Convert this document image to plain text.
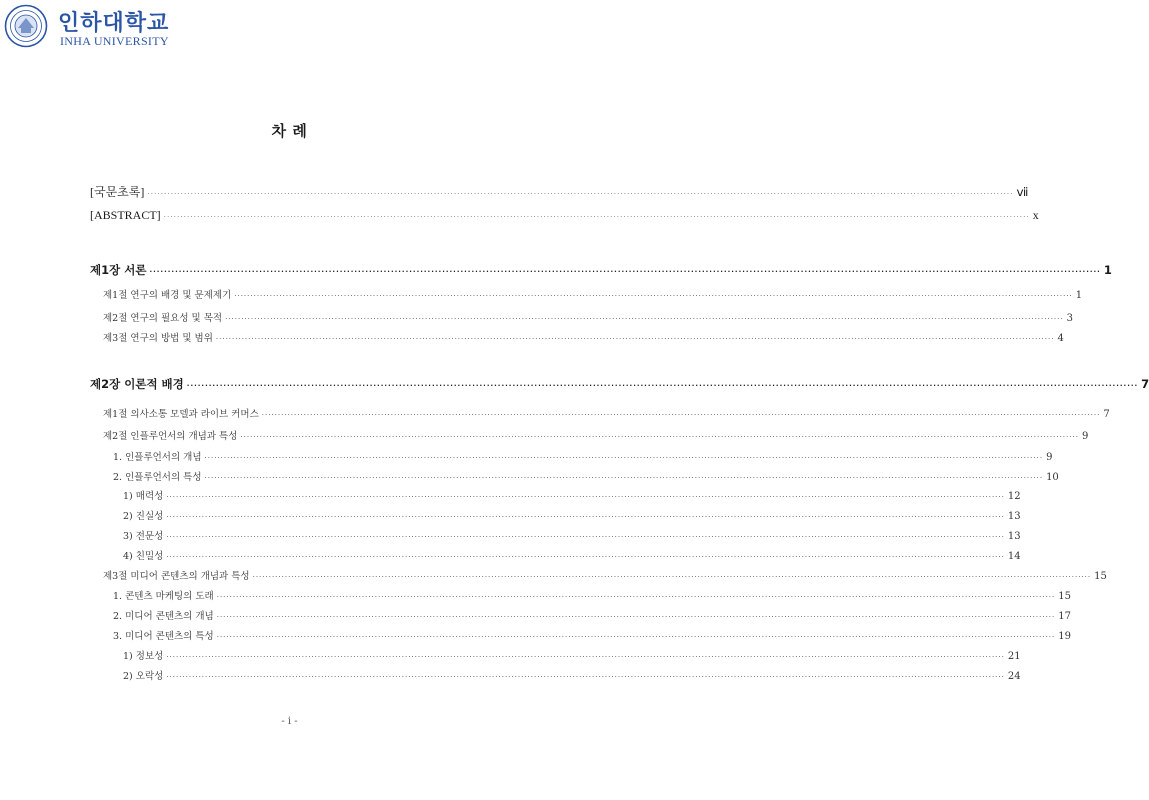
인하대학교
INHA UNIVERSITY
차 례
[국문초록] ···································································································································································································································································· ⅶ
[ABSTRACT] ···································································································································································································································································· x
제1장 서론 ···································································································································································································································································· 1
제1절 연구의 배경 및 문제제기 ···································································································································································································································································· 1
제2절 연구의 필요성 및 목적 ···································································································································································································································································· 3
제3절 연구의 방법 및 범위 ···································································································································································································································································· 4
제2장 이론적 배경 ···································································································································································································································································· 7
제1절 의사소통 모델과 라이브 커머스 ···································································································································································································································································· 7
제2절 인플루언서의 개념과 특성 ···································································································································································································································································· 9
1. 인플루언서의 개념 ···································································································································································································································································· 9
2. 인플루언서의 특성 ···································································································································································································································································· 10
1) 매력성 ···································································································································································································································································· 12
2) 진실성 ···································································································································································································································································· 13
3) 전문성 ···································································································································································································································································· 13
4) 친밀성 ···································································································································································································································································· 14
제3절 미디어 콘텐츠의 개념과 특성 ···································································································································································································································································· 15
1. 콘텐츠 마케팅의 도래 ···································································································································································································································································· 15
2. 미디어 콘텐츠의 개념 ···································································································································································································································································· 17
3. 미디어 콘텐츠의 특성 ···································································································································································································································································· 19
1) 정보성 ···································································································································································································································································· 21
2) 오락성 ···································································································································································································································································· 24
- i -
